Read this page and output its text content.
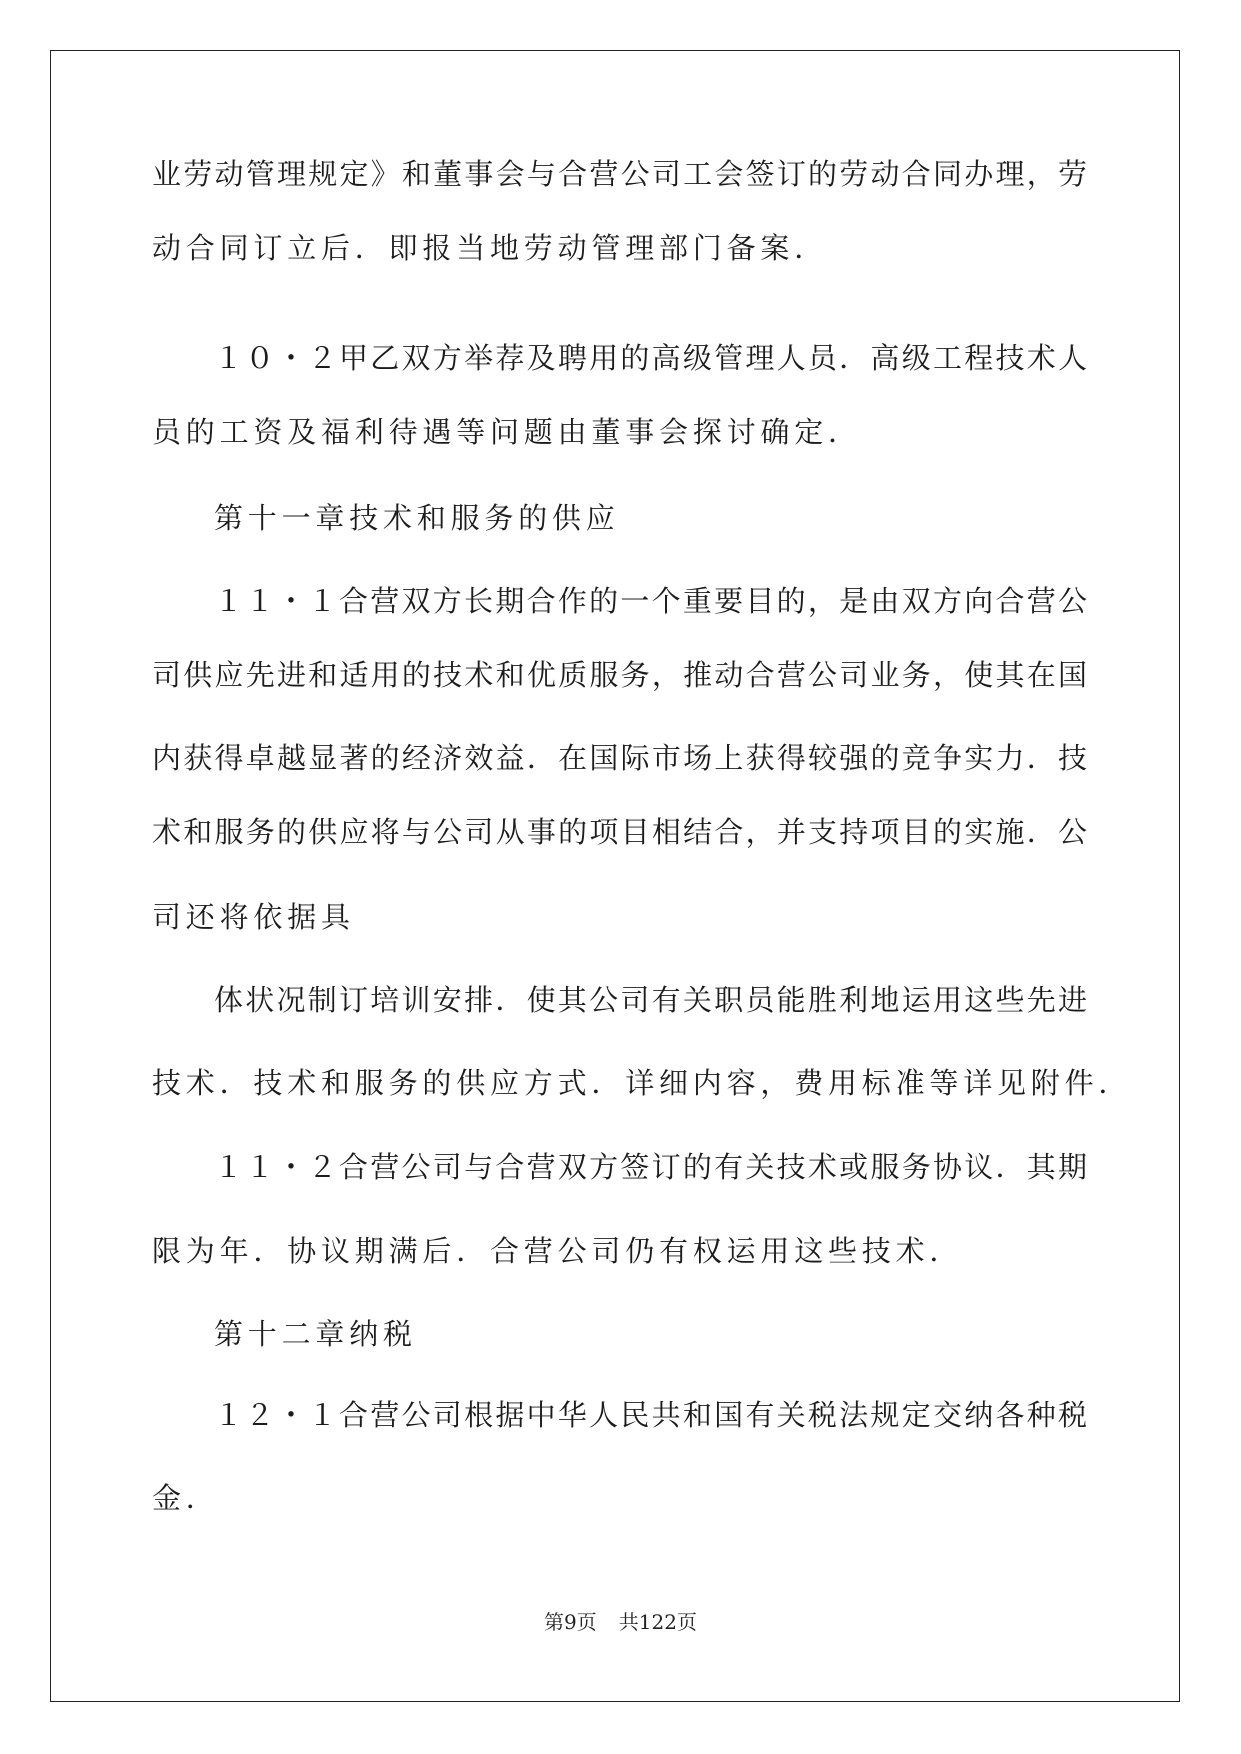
业劳动管理规定》和董事会与合营公司工会签订的劳动合同办理，劳
动合同订立后．即报当地劳动管理部门备案．
１０・２甲乙双方举荐及聘用的高级管理人员．高级工程技术人
员的工资及福利待遇等问题由董事会探讨确定．
第十一章技术和服务的供应
１１・１合营双方长期合作的一个重要目的，是由双方向合营公
司供应先进和适用的技术和优质服务，推动合营公司业务，使其在国
内获得卓越显著的经济效益．在国际市场上获得较强的竞争实力．技
术和服务的供应将与公司从事的项目相结合，并支持项目的实施．公
司还将依据具
体状况制订培训安排．使其公司有关职员能胜利地运用这些先进
技术．技术和服务的供应方式．详细内容，费用标准等详见附件．
１１・２合营公司与合营双方签订的有关技术或服务协议．其期
限为年．协议期满后．合营公司仍有权运用这些技术．
第十二章纳税
１２・１合营公司根据中华人民共和国有关税法规定交纳各种税
金．
第9页 共122页
